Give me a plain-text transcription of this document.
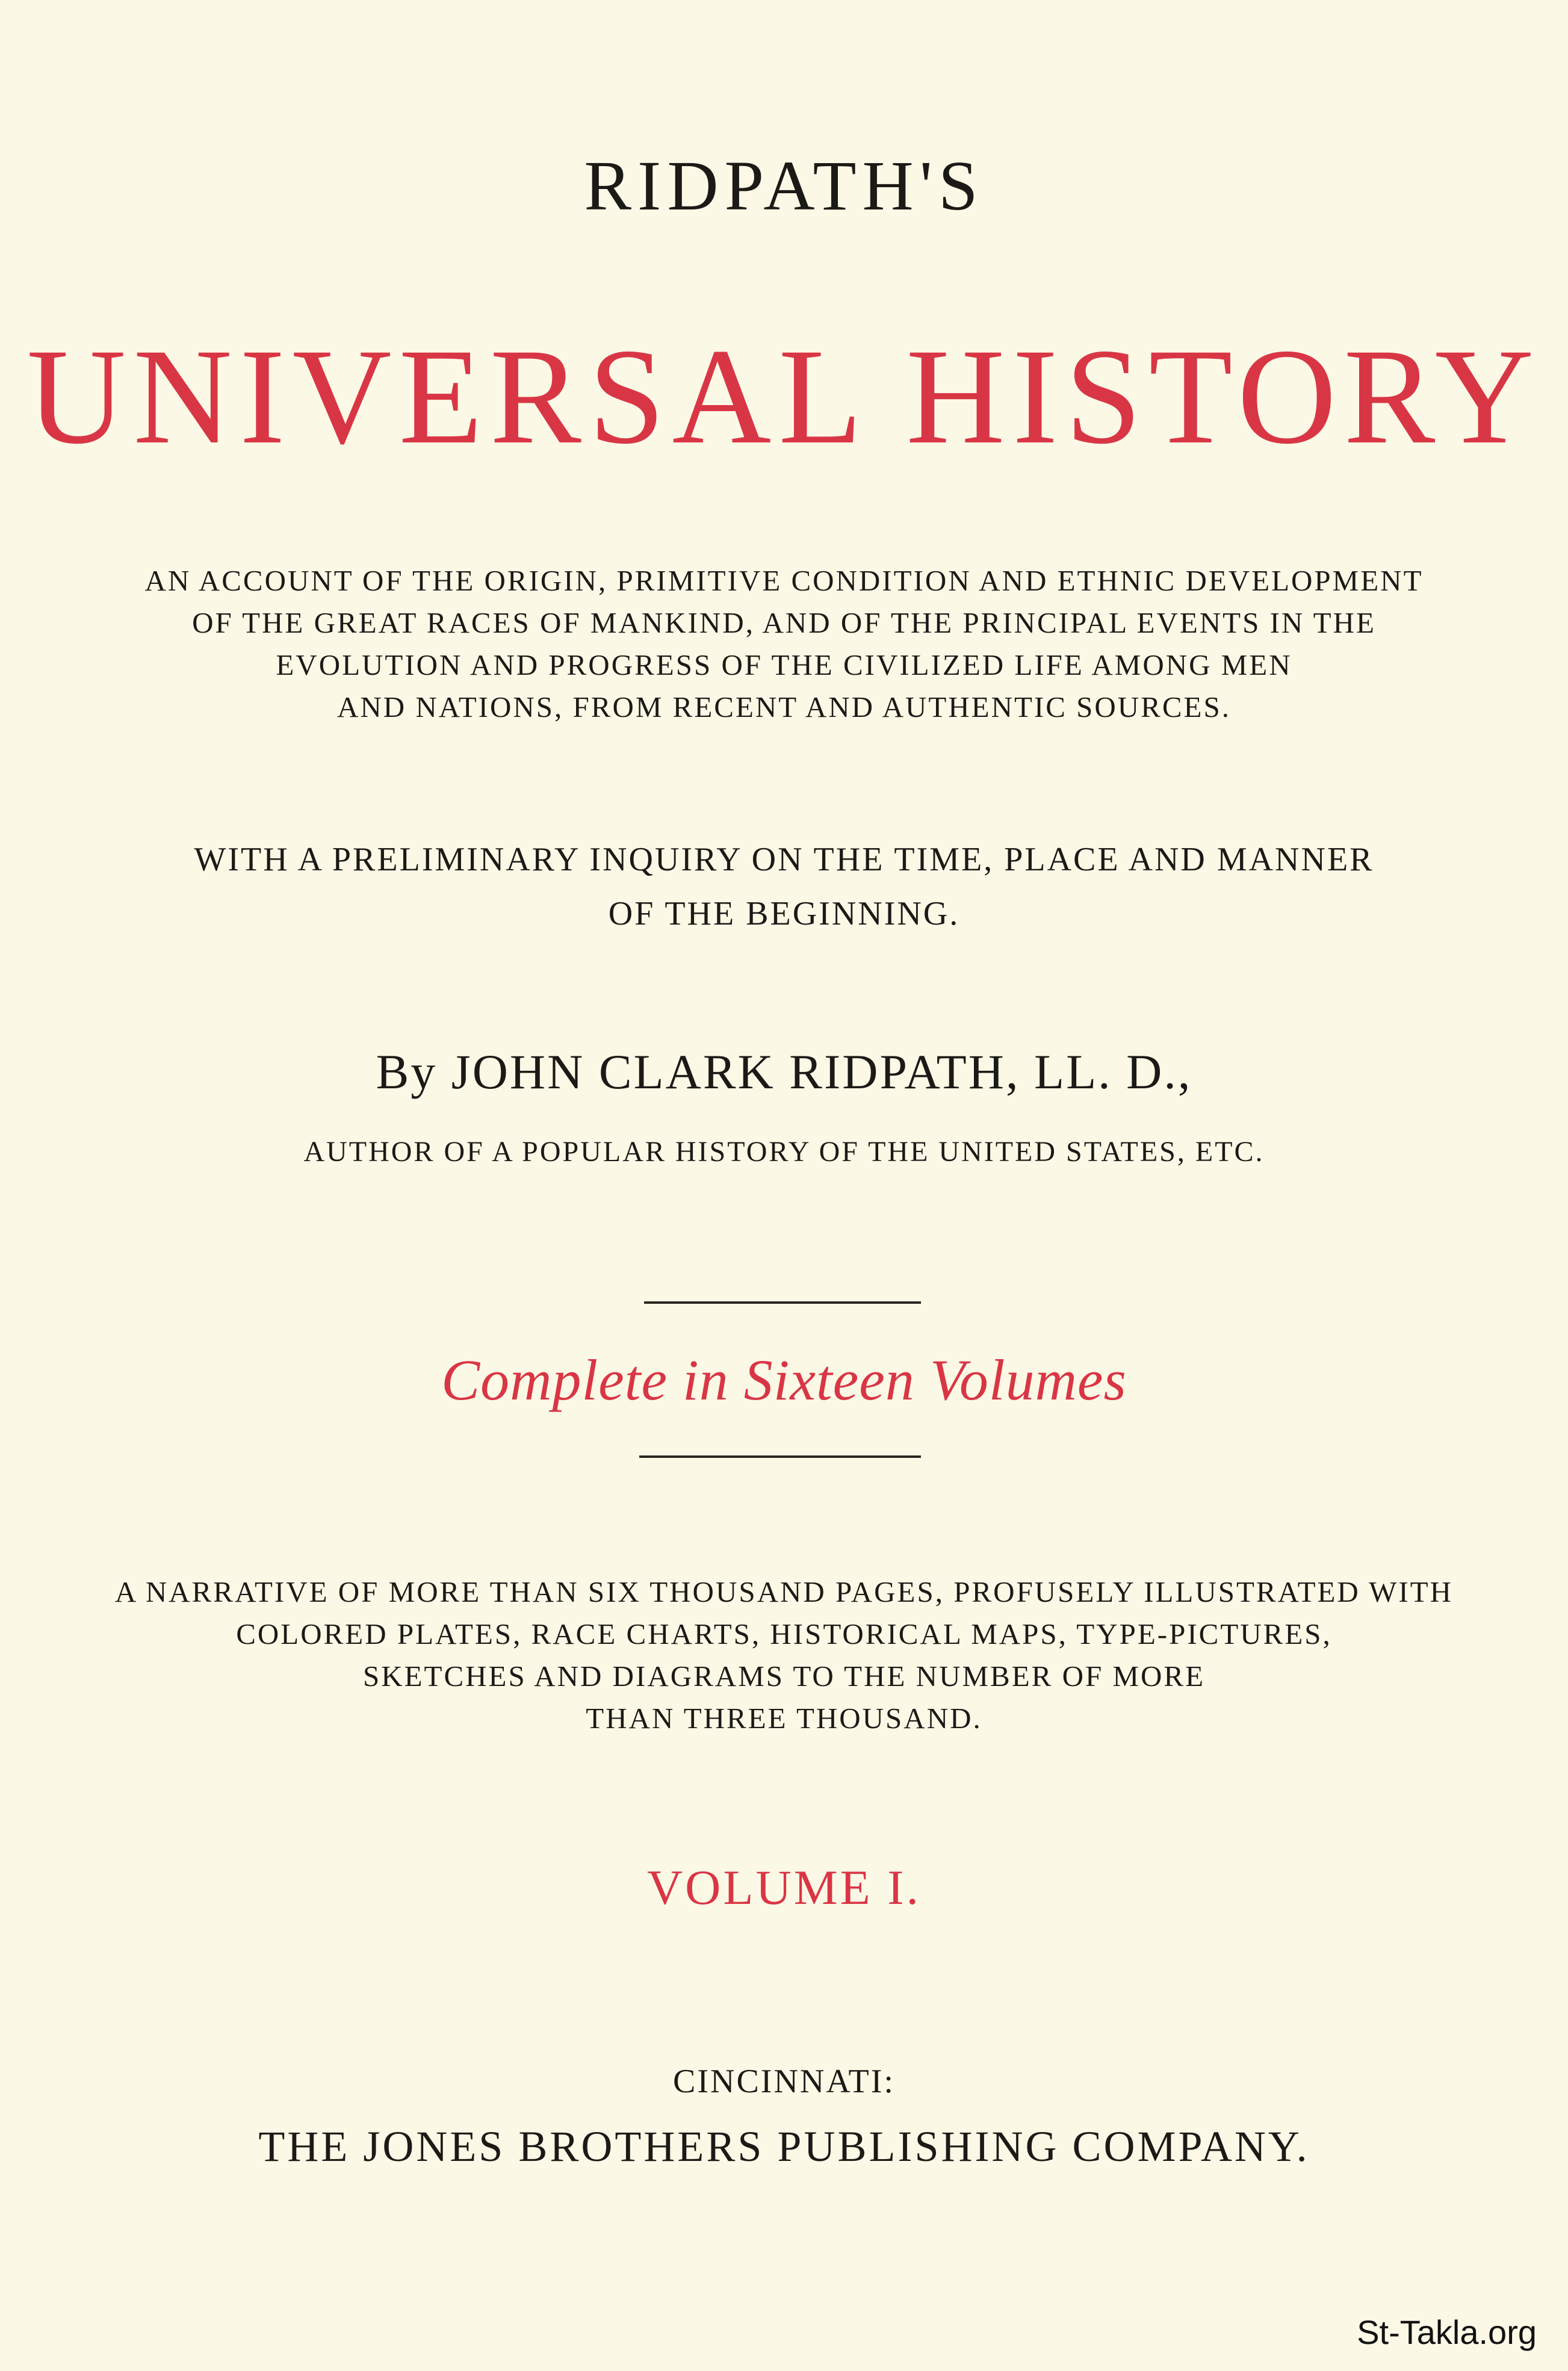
RIDPATH'S
UNIVERSAL HISTORY
AN ACCOUNT OF THE ORIGIN, PRIMITIVE CONDITION AND ETHNIC DEVELOPMENT
OF THE GREAT RACES OF MANKIND, AND OF THE PRINCIPAL EVENTS IN THE
EVOLUTION AND PROGRESS OF THE CIVILIZED LIFE AMONG MEN
AND NATIONS, FROM RECENT AND AUTHENTIC SOURCES.
WITH A PRELIMINARY INQUIRY ON THE TIME, PLACE AND MANNER
OF THE BEGINNING.
By JOHN CLARK RIDPATH, LL. D.,
AUTHOR OF A POPULAR HISTORY OF THE UNITED STATES, ETC.
Complete in Sixteen Volumes
A NARRATIVE OF MORE THAN SIX THOUSAND PAGES, PROFUSELY ILLUSTRATED WITH
COLORED PLATES, RACE CHARTS, HISTORICAL MAPS, TYPE-PICTURES,
SKETCHES AND DIAGRAMS TO THE NUMBER OF MORE
THAN THREE THOUSAND.
VOLUME I.
CINCINNATI:
THE JONES BROTHERS PUBLISHING COMPANY.
St-Takla.org
